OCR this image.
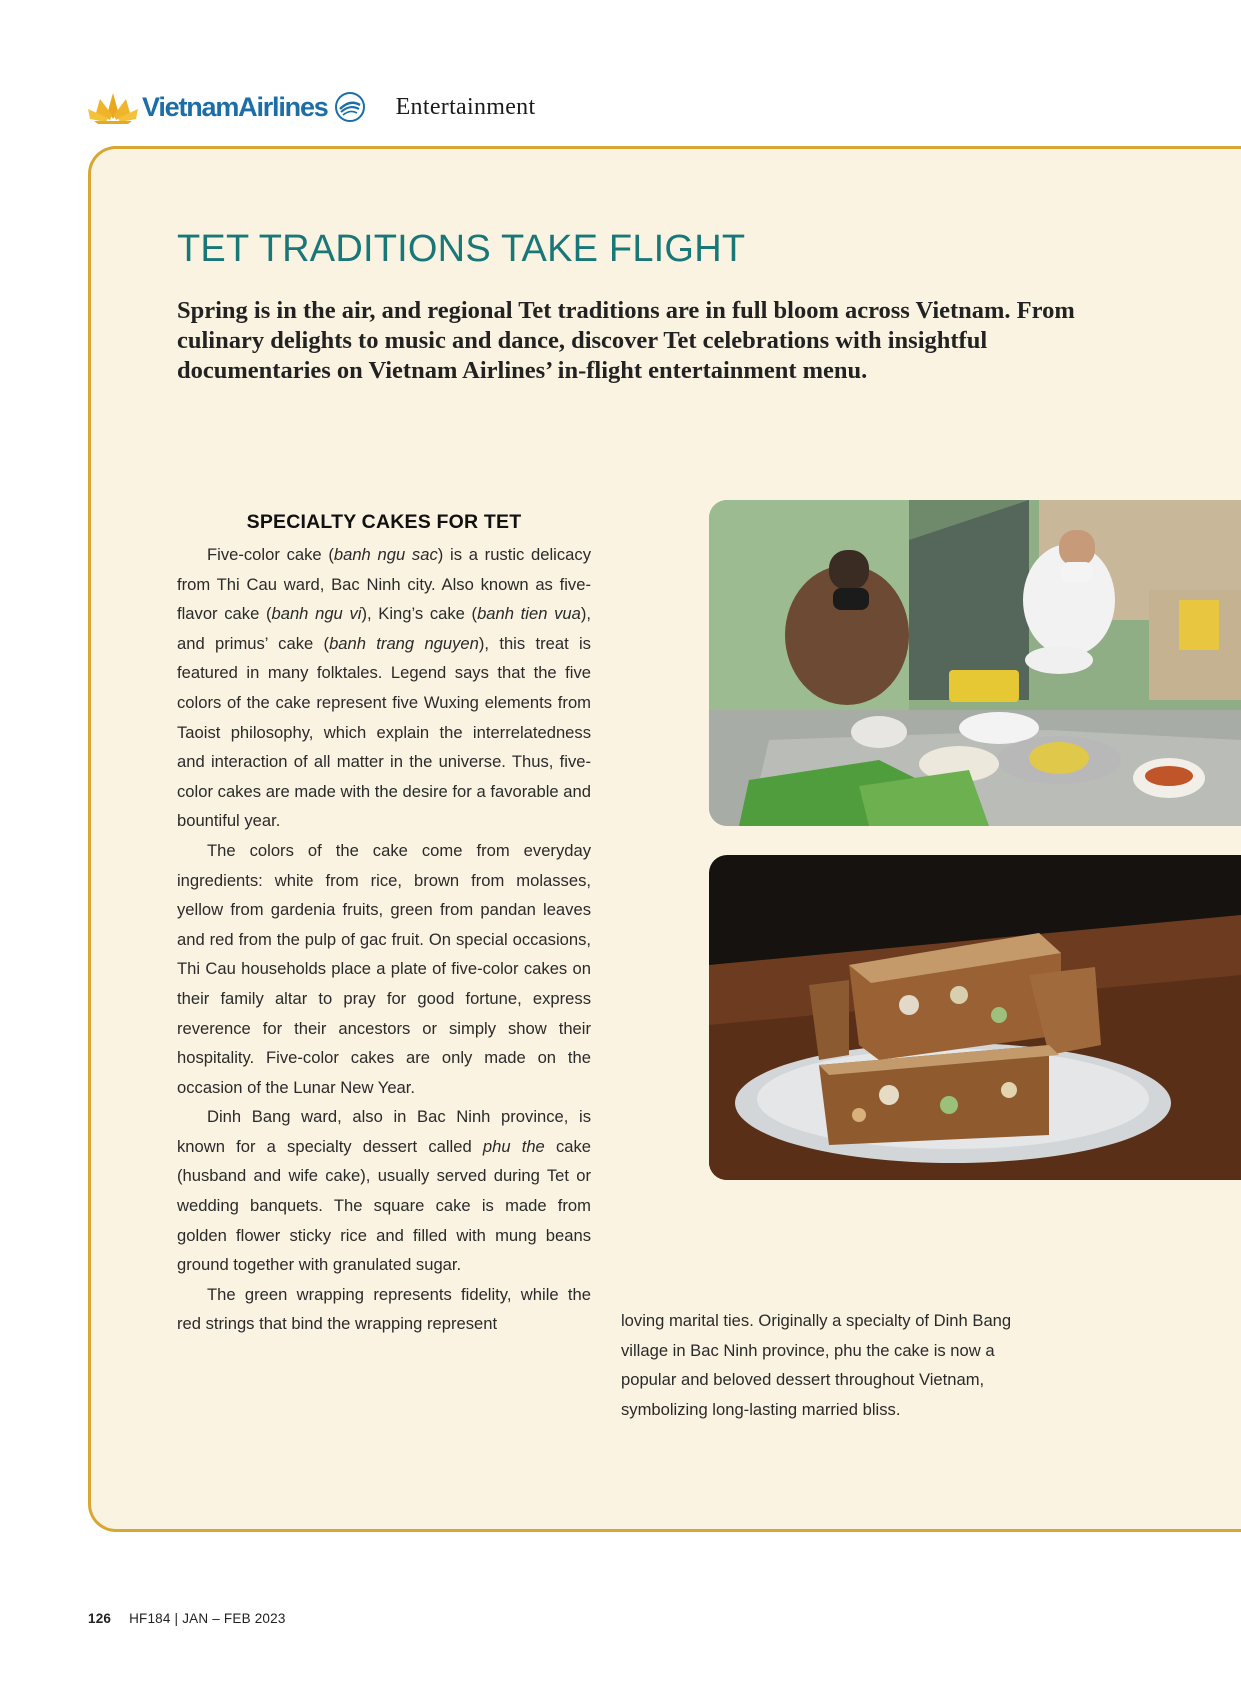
VietnamAirlines	Entertainment
TET TRADITIONS TAKE FLIGHT

Spring is in the air, and regional Tet traditions are in full bloom across Vietnam. From culinary delights to music and dance, discover Tet celebrations with insightful documentaries on Vietnam Airlines’ in-flight entertainment menu.

SPECIALTY CAKES FOR TET

Five-color cake (banh ngu sac) is a rustic delicacy from Thi Cau ward, Bac Ninh city. Also known as five-flavor cake (banh ngu vi), King’s cake (banh tien vua), and primus’ cake (banh trang nguyen), this treat is featured in many folktales. Legend says that the five colors of the cake represent five Wuxing elements from Taoist philosophy, which explain the interrelatedness and interaction of all matter in the universe. Thus, five-color cakes are made with the desire for a favorable and bountiful year.

The colors of the cake come from everyday ingredients: white from rice, brown from molasses, yellow from gardenia fruits, green from pandan leaves and red from the pulp of gac fruit. On special occasions, Thi Cau households place a plate of five-color cakes on their family altar to pray for good fortune, express reverence for their ancestors or simply show their hospitality. Five-color cakes are only made on the occasion of the Lunar New Year.

Dinh Bang ward, also in Bac Ninh province, is known for a specialty dessert called phu the cake (husband and wife cake), usually served during Tet or wedding banquets. The square cake is made from golden flower sticky rice and filled with mung beans ground together with granulated sugar.

The green wrapping represents fidelity, while the red strings that bind the wrapping represent	loving marital ties. Originally a specialty of Dinh Bang village in Bac Ninh province, phu the cake is now a popular and beloved dessert throughout Vietnam, symbolizing long-lasting married bliss.

126 HF184 | JAN – FEB 2023
